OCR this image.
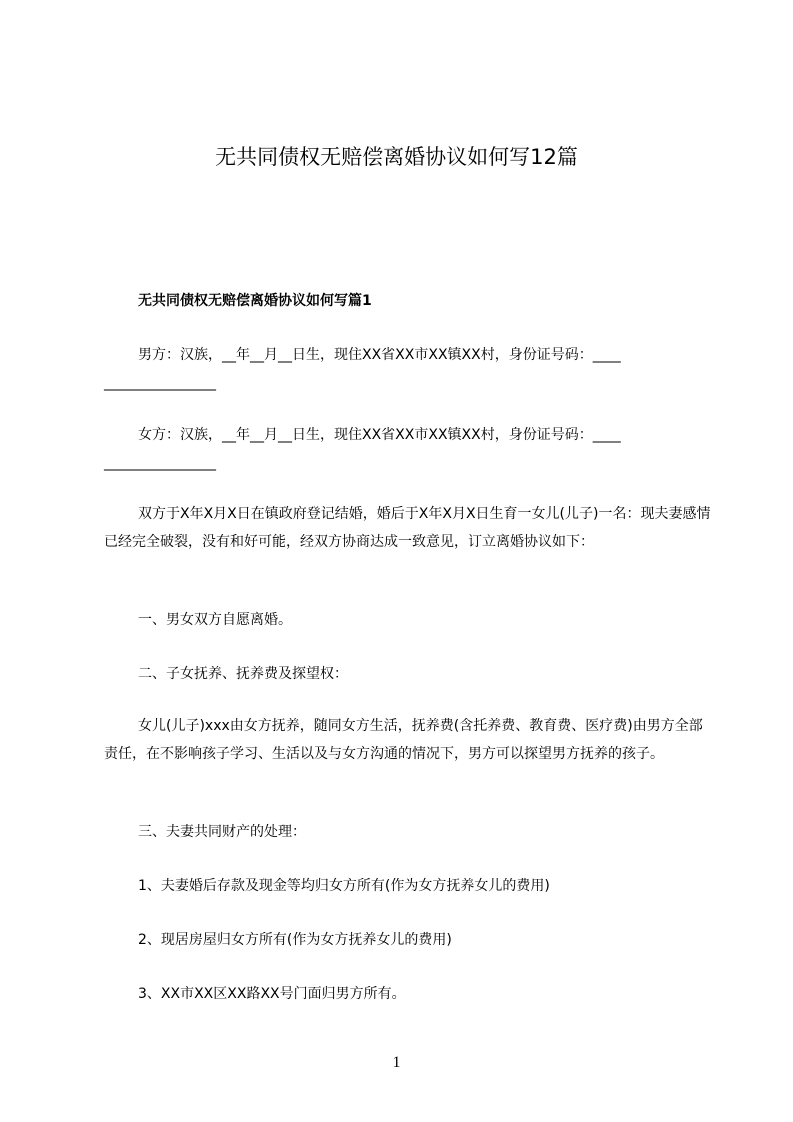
无共同债权无赔偿离婚协议如何写12篇
无共同债权无赔偿离婚协议如何写篇1

男方：汉族，__年__月__日生，现住XX省XX市XX镇XX村，身份证号码：____
________________

女方：汉族，__年__月__日生，现住XX省XX市XX镇XX村，身份证号码：____
________________

双方于X年X月X日在镇政府登记结婚，婚后于X年X月X日生育一女儿(儿子)一名：现夫妻感情已经完全破裂，没有和好可能，经双方协商达成一致意见，订立离婚协议如下：

一、男女双方自愿离婚。

二、子女抚养、抚养费及探望权：

女儿(儿子)xxx由女方抚养，随同女方生活，抚养费(含托养费、教育费、医疗费)由男方全部责任，在不影响孩子学习、生活以及与女方沟通的情况下，男方可以探望男方抚养的孩子。

三、夫妻共同财产的处理：

1、夫妻婚后存款及现金等均归女方所有(作为女方抚养女儿的费用)

2、现居房屋归女方所有(作为女方抚养女儿的费用)

3、XX市XX区XX路XX号门面归男方所有。

1
